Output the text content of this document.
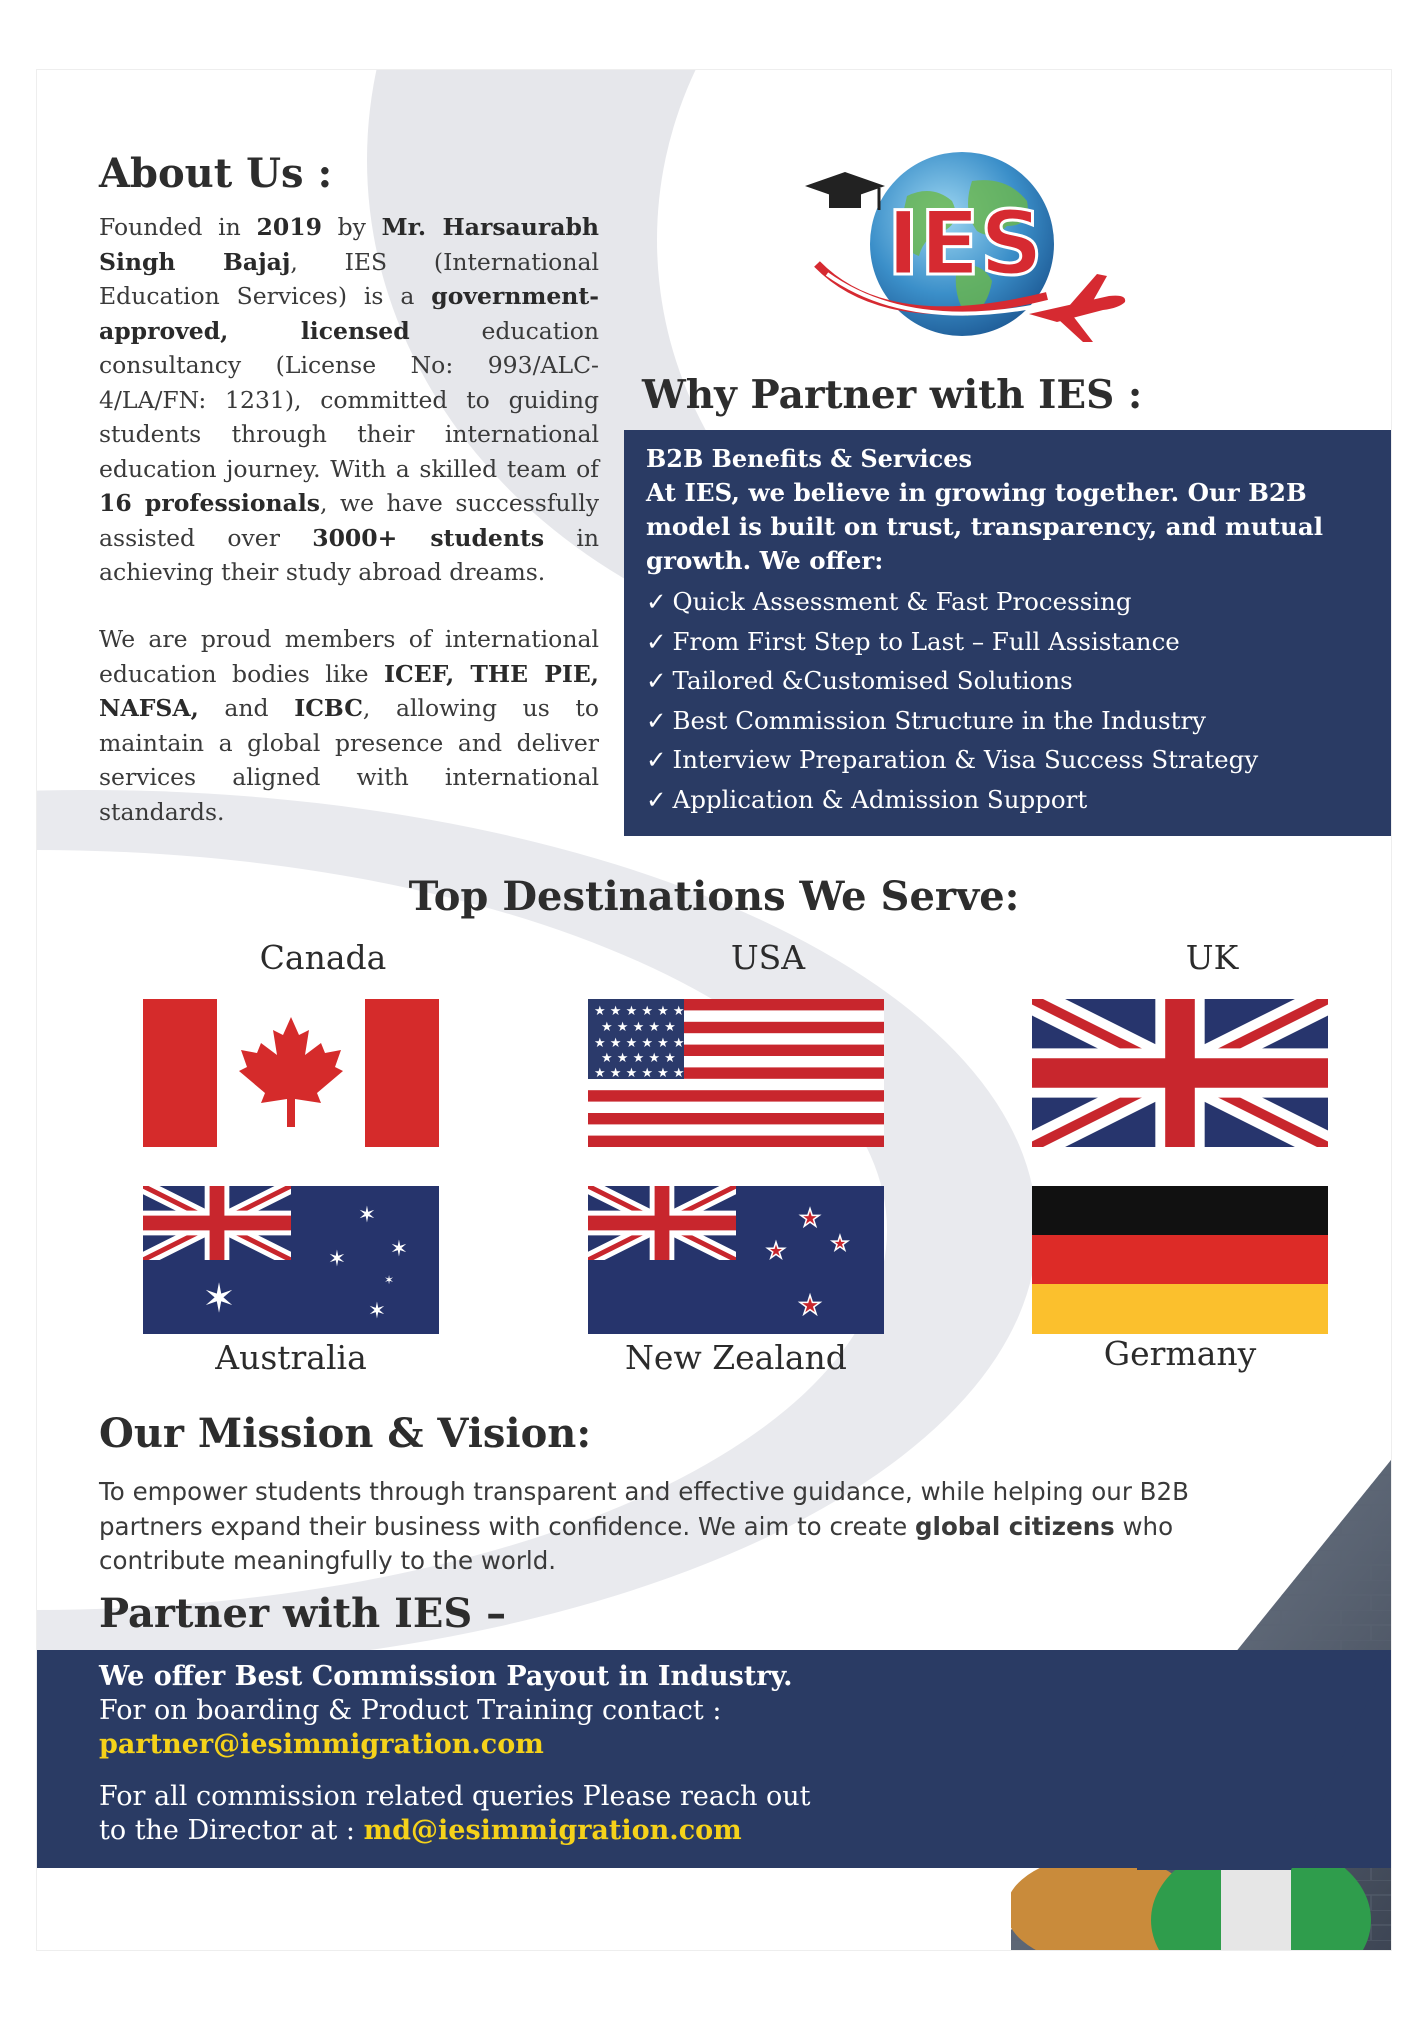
About Us :

Founded in 2019 by Mr. Harsaurabh Singh Bajaj, IES (International Education Services) is a government-approved, licensed education consultancy (License No: 993/ALC-4/LA/FN: 1231), committed to guiding students through their international education journey. With a skilled team of 16 professionals, we have successfully assisted over 3000+ students in achieving their study abroad dreams.

We are proud members of international education bodies like ICEF, THE PIE, NAFSA, and ICBC, allowing us to maintain a global presence and deliver services aligned with international standards.

IES
Why Partner with IES :
B2B Benefits & Services
At IES, we believe in growing together. Our B2B model is built on trust, transparency, and mutual growth. We offer:
✓ Quick Assessment & Fast Processing
✓ From First Step to Last – Full Assistance
✓ Tailored &Customised Solutions
✓ Best Commission Structure in the Industry
✓ Interview Preparation & Visa Success Strategy
✓ Application & Admission Support
Top Destinations We Serve:
Canada	USA	UK
★ ★ ★ ★ ★ ★
★ ★ ★ ★ ★
★ ★ ★ ★ ★ ★
★ ★ ★ ★ ★
★ ★ ★ ★ ★ ★
✶
✶
✶ ✶
✶
✶
★
★ ★
★
Australia	New Zealand	Germany
Our Mission & Vision:

To empower students through transparent and effective guidance, while helping our B2B partners expand their business with confidence. We aim to create global citizens who contribute meaningfully to the world.

Partner with IES –
We offer Best Commission Payout in Industry.
For on boarding & Product Training contact :
partner@iesimmigration.com
For all commission related queries Please reach out
to the Director at : md@iesimmigration.com
